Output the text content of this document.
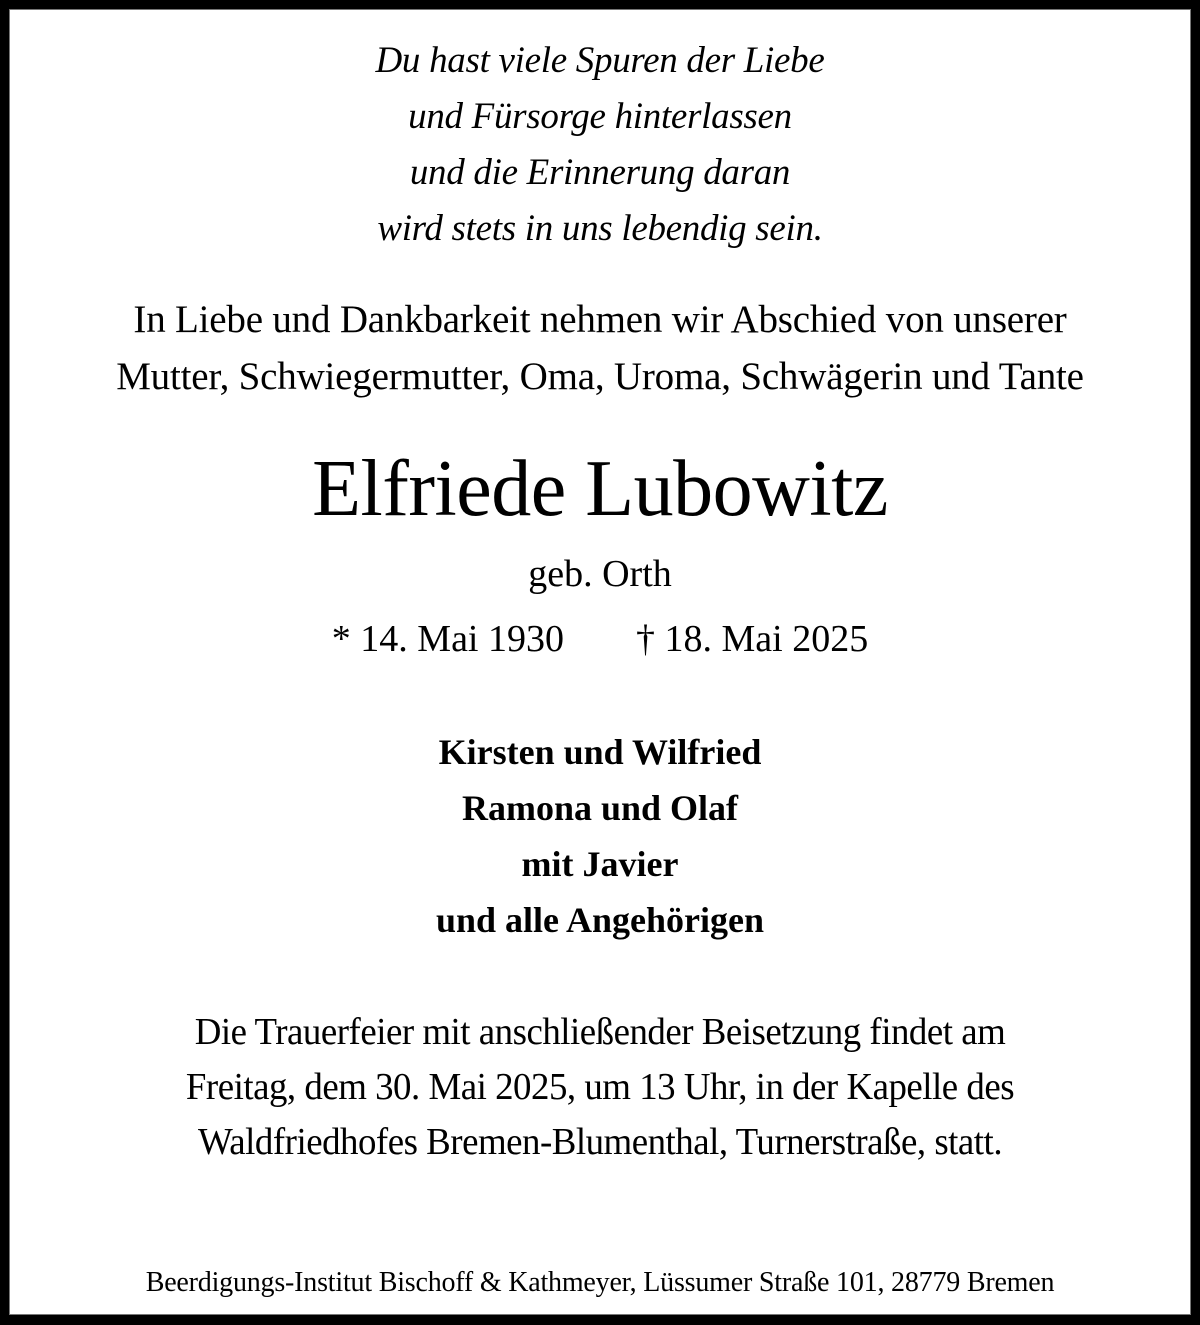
Du hast viele Spuren der Liebe
und Fürsorge hinterlassen
und die Erinnerung daran
wird stets in uns lebendig sein.
In Liebe und Dankbarkeit nehmen wir Abschied von unserer
Mutter, Schwiegermutter, Oma, Uroma, Schwägerin und Tante
Elfriede Lubowitz
geb. Orth
* 14. Mai 1930 † 18. Mai 2025
Kirsten und Wilfried
Ramona und Olaf
mit Javier
und alle Angehörigen
Die Trauerfeier mit anschließender Beisetzung findet am
Freitag, dem 30. Mai 2025, um 13 Uhr, in der Kapelle des
Waldfriedhofes Bremen-Blumenthal, Turnerstraße, statt.
Beerdigungs-Institut Bischoff & Kathmeyer, Lüssumer Straße 101, 28779 Bremen
